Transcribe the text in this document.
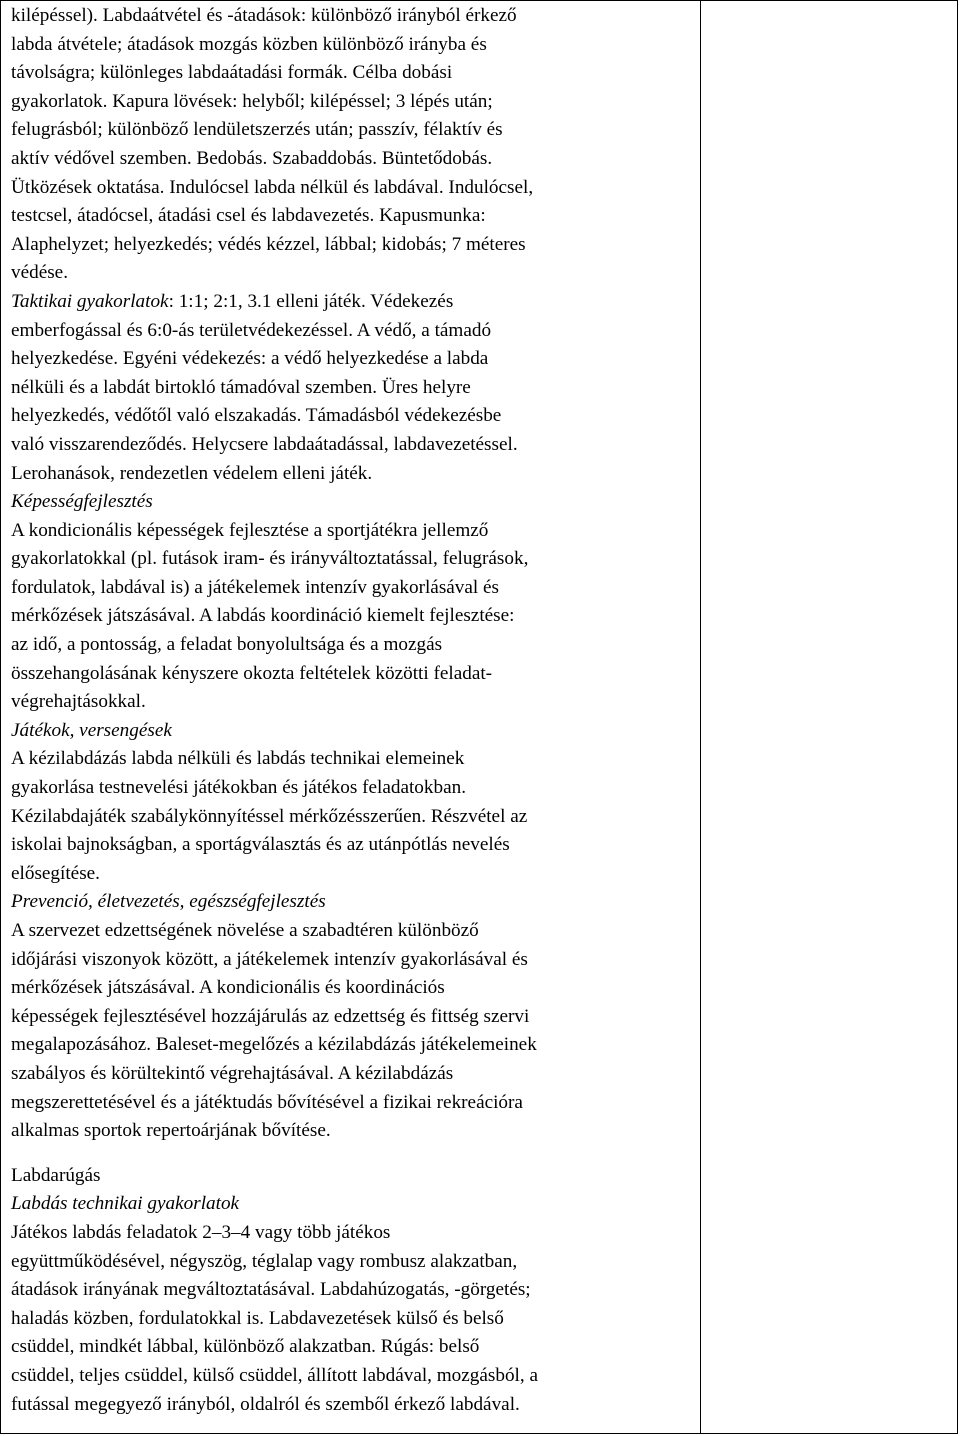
kilépéssel). Labdaátvétel és -átadások: különböző irányból érkező
labda átvétele; átadások mozgás közben különböző irányba és
távolságra; különleges labdaátadási formák. Célba dobási
gyakorlatok. Kapura lövések: helyből; kilépéssel; 3 lépés után;
felugrásból; különböző lendületszerzés után; passzív, félaktív és
aktív védővel szemben. Bedobás. Szabaddobás. Büntetődobás.
Ütközések oktatása. Indulócsel labda nélkül és labdával. Indulócsel,
testcsel, átadócsel, átadási csel és labdavezetés. Kapusmunka:
Alaphelyzet; helyezkedés; védés kézzel, lábbal; kidobás; 7 méteres
védése.
Taktikai gyakorlatok: 1:1; 2:1, 3.1 elleni játék. Védekezés
emberfogással és 6:0-ás területvédekezéssel. A védő, a támadó
helyezkedése. Egyéni védekezés: a védő helyezkedése a labda
nélküli és a labdát birtokló támadóval szemben. Üres helyre
helyezkedés, védőtől való elszakadás. Támadásból védekezésbe
való visszarendeződés. Helycsere labdaátadással, labdavezetéssel.
Lerohanások, rendezetlen védelem elleni játék.
Képességfejlesztés
A kondicionális képességek fejlesztése a sportjátékra jellemző
gyakorlatokkal (pl. futások iram- és irányváltoztatással, felugrások,
fordulatok, labdával is) a játékelemek intenzív gyakorlásával és
mérkőzések játszásával. A labdás koordináció kiemelt fejlesztése:
az idő, a pontosság, a feladat bonyolultsága és a mozgás
összehangolásának kényszere okozta feltételek közötti feladat-
végrehajtásokkal.
Játékok, versengések
A kézilabdázás labda nélküli és labdás technikai elemeinek
gyakorlása testnevelési játékokban és játékos feladatokban.
Kézilabdajáték szabálykönnyítéssel mérkőzésszerűen. Részvétel az
iskolai bajnokságban, a sportágválasztás és az utánpótlás nevelés
elősegítése.
Prevenció, életvezetés, egészségfejlesztés
A szervezet edzettségének növelése a szabadtéren különböző
időjárási viszonyok között, a játékelemek intenzív gyakorlásával és
mérkőzések játszásával. A kondicionális és koordinációs
képességek fejlesztésével hozzájárulás az edzettség és fittség szervi
megalapozásához. Baleset-megelőzés a kézilabdázás játékelemeinek
szabályos és körültekintő végrehajtásával. A kézilabdázás
megszerettetésével és a játéktudás bővítésével a fizikai rekreációra
alkalmas sportok repertoárjának bővítése.
Labdarúgás
Labdás technikai gyakorlatok
Játékos labdás feladatok 2–3–4 vagy több játékos
együttműködésével, négyszög, téglalap vagy rombusz alakzatban,
átadások irányának megváltoztatásával. Labdahúzogatás, -görgetés;
haladás közben, fordulatokkal is. Labdavezetések külső és belső
csüddel, mindkét lábbal, különböző alakzatban. Rúgás: belső
csüddel, teljes csüddel, külső csüddel, állított labdával, mozgásból, a
futással megegyező irányból, oldalról és szemből érkező labdával.
